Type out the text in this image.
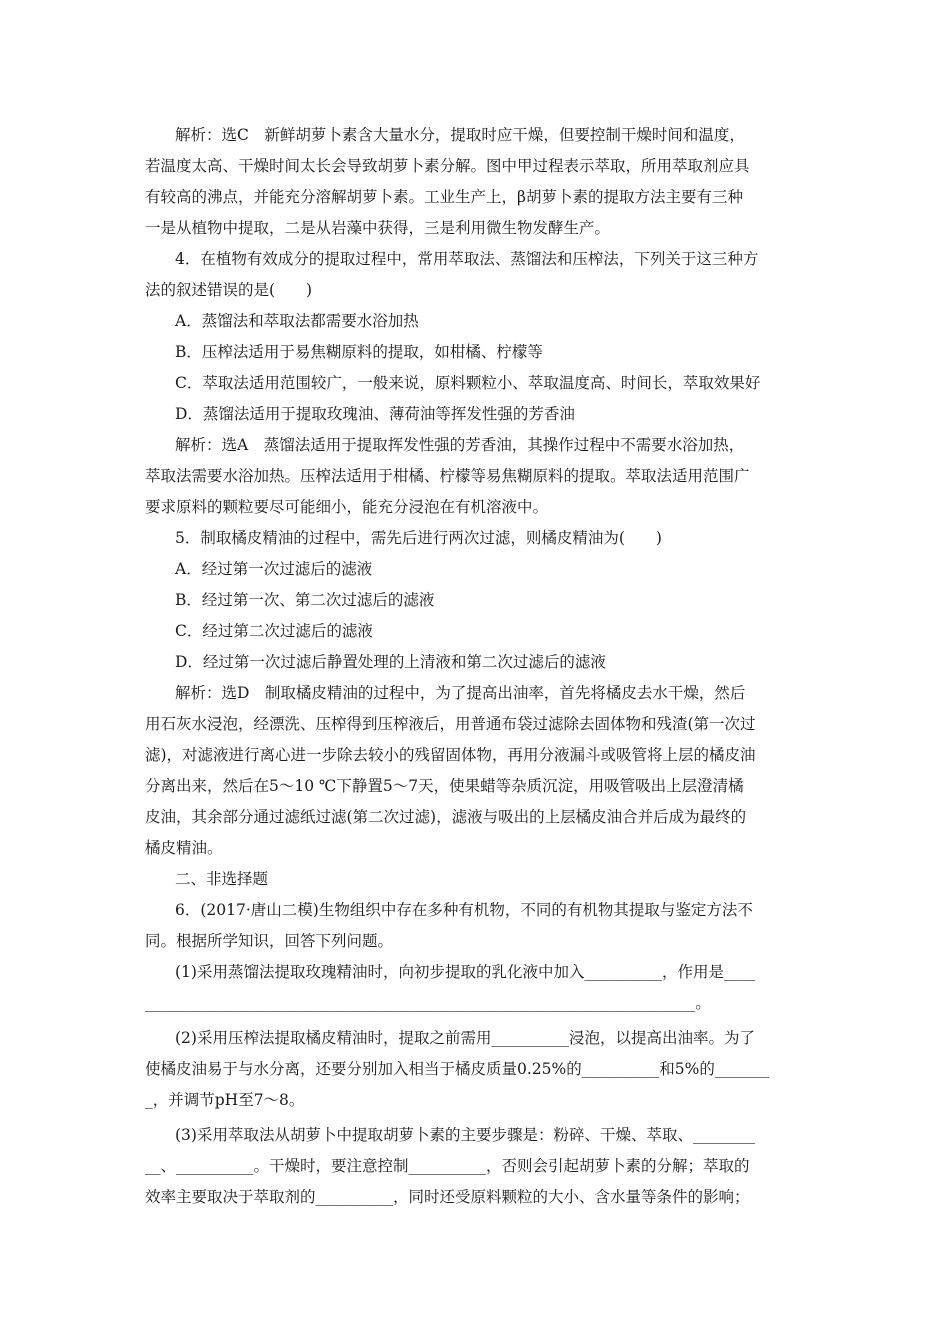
解析：选C　新鲜胡萝卜素含大量水分，提取时应干燥，但要控制干燥时间和温度，
若温度太高、干燥时间太长会导致胡萝卜素分解。图中甲过程表示萃取，所用萃取剂应具
有较高的沸点，并能充分溶解胡萝卜素。工业生产上，β胡萝卜素的提取方法主要有三种
一是从植物中提取，二是从岩藻中获得，三是利用微生物发酵生产。
4．在植物有效成分的提取过程中，常用萃取法、蒸馏法和压榨法，下列关于这三种方
法的叙述错误的是(　　)
A．蒸馏法和萃取法都需要水浴加热
B．压榨法适用于易焦糊原料的提取，如柑橘、柠檬等
C．萃取法适用范围较广，一般来说，原料颗粒小、萃取温度高、时间长，萃取效果好
D．蒸馏法适用于提取玫瑰油、薄荷油等挥发性强的芳香油
解析：选A　蒸馏法适用于提取挥发性强的芳香油，其操作过程中不需要水浴加热，
萃取法需要水浴加热。压榨法适用于柑橘、柠檬等易焦糊原料的提取。萃取法适用范围广
要求原料的颗粒要尽可能细小，能充分浸泡在有机溶液中。
5．制取橘皮精油的过程中，需先后进行两次过滤，则橘皮精油为(　　)
A．经过第一次过滤后的滤液
B．经过第一次、第二次过滤后的滤液
C．经过第二次过滤后的滤液
D．经过第一次过滤后静置处理的上清液和第二次过滤后的滤液
解析：选D　制取橘皮精油的过程中，为了提高出油率，首先将橘皮去水干燥，然后
用石灰水浸泡，经漂洗、压榨得到压榨液后，用普通布袋过滤除去固体物和残渣(第一次过
滤)，对滤液进行离心进一步除去较小的残留固体物，再用分液漏斗或吸管将上层的橘皮油
分离出来，然后在5～10 ℃下静置5～7天，使果蜡等杂质沉淀，用吸管吸出上层澄清橘
皮油，其余部分通过滤纸过滤(第二次过滤)，滤液与吸出的上层橘皮油合并后成为最终的
橘皮精油。
二、非选择题
6．(2017·唐山二模)生物组织中存在多种有机物，不同的有机物其提取与鉴定方法不
同。根据所学知识，回答下列问题。
(1)采用蒸馏法提取玫瑰精油时，向初步提取的乳化液中加入__________，作用是____
_______________________________________________________________________。
(2)采用压榨法提取橘皮精油时，提取之前需用__________浸泡，以提高出油率。为了
使橘皮油易于与水分离，还要分别加入相当于橘皮质量0.25%的__________和5%的_______
_，并调节pH至7～8。
(3)采用萃取法从胡萝卜中提取胡萝卜素的主要步骤是：粉碎、干燥、萃取、________
__、__________。干燥时，要注意控制__________，否则会引起胡萝卜素的分解；萃取的
效率主要取决于萃取剂的__________，同时还受原料颗粒的大小、含水量等条件的影响；
